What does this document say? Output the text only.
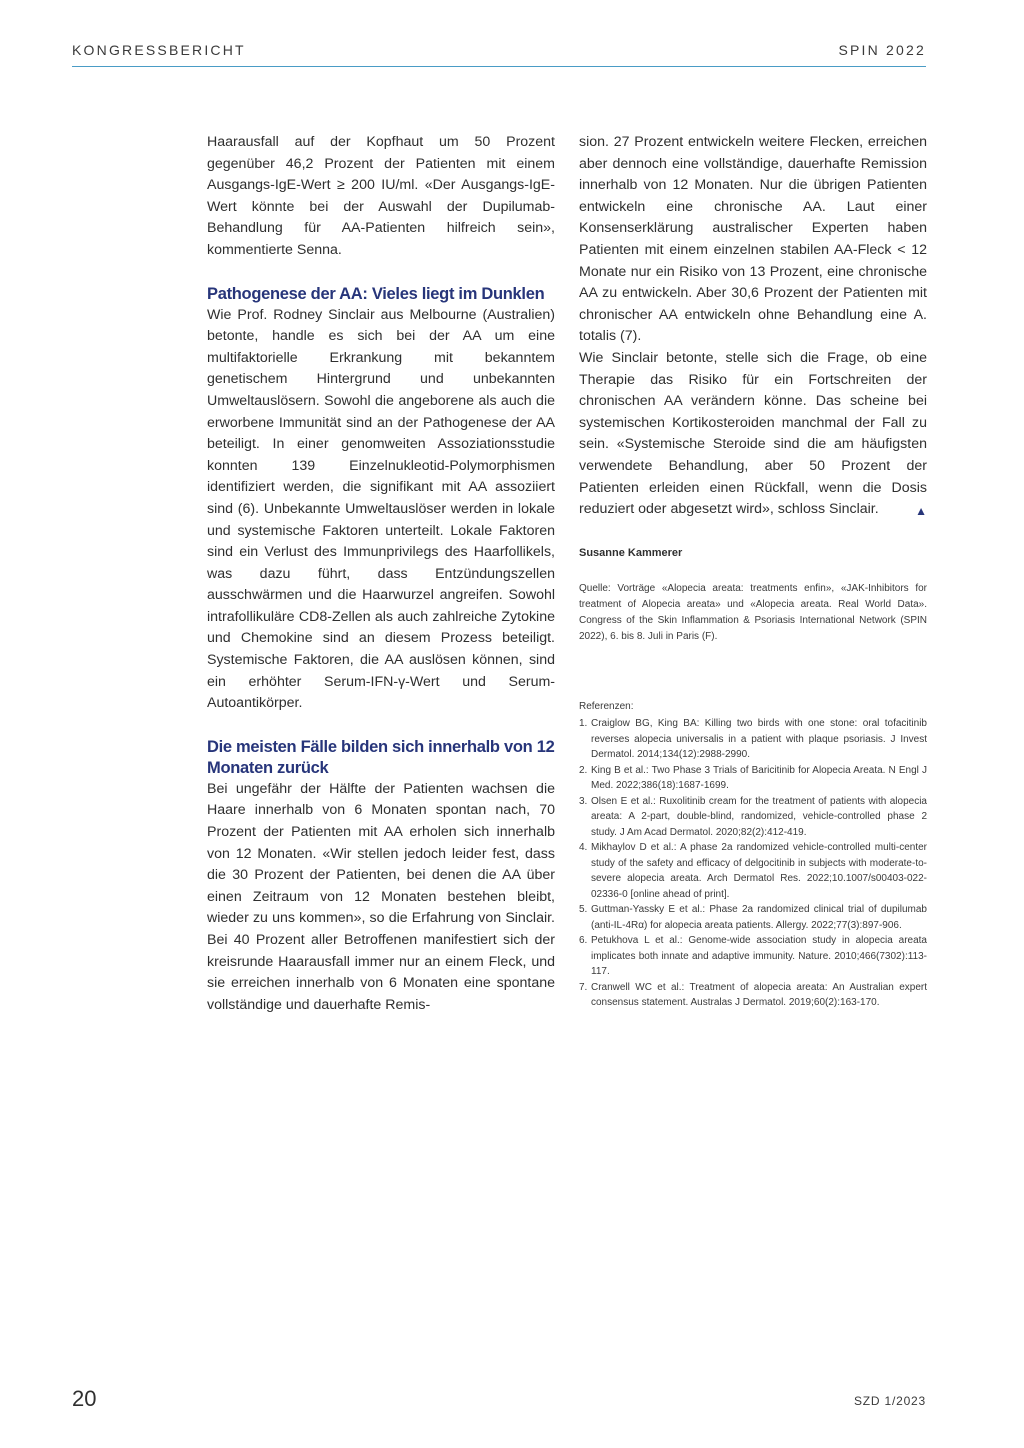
KONGRESSBERICHT	SPIN 2022

Haarausfall auf der Kopfhaut um 50 Prozent gegenüber 46,2 Prozent der Patienten mit einem Ausgangs-IgE-Wert ≥ 200 IU/ml. «Der Ausgangs-IgE-Wert könnte bei der Auswahl der Dupilumab-Behandlung für AA-Patienten hilfreich sein», kommentierte Senna.

Pathogenese der AA: Vieles liegt im Dunklen

Wie Prof. Rodney Sinclair aus Melbourne (Australien) betonte, handle es sich bei der AA um eine multifaktorielle Erkrankung mit bekanntem genetischem Hintergrund und unbekannten Umweltauslösern. Sowohl die angeborene als auch die erworbene Immunität sind an der Pathogenese der AA beteiligt. In einer genomweiten Assoziationsstudie konnten 139 Einzelnukleotid-Polymorphismen identifiziert werden, die signifikant mit AA assoziiert sind (6). Unbekannte Umweltauslöser werden in lokale und systemische Faktoren unterteilt. Lokale Faktoren sind ein Verlust des Immunprivilegs des Haarfollikels, was dazu führt, dass Entzündungszellen ausschwärmen und die Haarwurzel angreifen. Sowohl intrafollikuläre CD8-Zellen als auch zahlreiche Zytokine und Chemokine sind an diesem Prozess beteiligt. Systemische Faktoren, die AA auslösen können, sind ein erhöhter Serum-IFN-γ-Wert und Serum-Autoantikörper.

Die meisten Fälle bilden sich innerhalb von 12 Monaten zurück

Bei ungefähr der Hälfte der Patienten wachsen die Haare innerhalb von 6 Monaten spontan nach, 70 Prozent der Patienten mit AA erholen sich innerhalb von 12 Monaten. «Wir stellen jedoch leider fest, dass die 30 Prozent der Patienten, bei denen die AA über einen Zeitraum von 12 Monaten bestehen bleibt, wieder zu uns kommen», so die Erfahrung von Sinclair. Bei 40 Prozent aller Betroffenen manifestiert sich der kreisrunde Haarausfall immer nur an einem Fleck, und sie erreichen innerhalb von 6 Monaten eine spontane vollständige und dauerhafte Remis-

sion. 27 Prozent entwickeln weitere Flecken, erreichen aber dennoch eine vollständige, dauerhafte Remission innerhalb von 12 Monaten. Nur die übrigen Patienten entwickeln eine chronische AA. Laut einer Konsenserklärung australischer Experten haben Patienten mit einem einzelnen stabilen AA-Fleck < 12 Monate nur ein Risiko von 13 Prozent, eine chronische AA zu entwickeln. Aber 30,6 Prozent der Patienten mit chronischer AA entwickeln ohne Behandlung eine A. totalis (7).

Wie Sinclair betonte, stelle sich die Frage, ob eine Therapie das Risiko für ein Fortschreiten der chronischen AA verändern könne. Das scheine bei systemischen Kortikosteroiden manchmal der Fall zu sein. «Systemische Steroide sind die am häufigsten verwendete Behandlung, aber 50 Prozent der Patienten erleiden einen Rückfall, wenn die Dosis reduziert oder abgesetzt wird», schloss Sinclair.	▲

Susanne Kammerer

Quelle: Vorträge «Alopecia areata: treatments enfin», «JAK-Inhibitors for treatment of Alopecia areata» und «Alopecia areata. Real World Data». Congress of the Skin Inflammation & Psoriasis International Network (SPIN 2022), 6. bis 8. Juli in Paris (F).

Referenzen:

1. Craiglow BG, King BA: Killing two birds with one stone: oral tofacitinib reverses alopecia universalis in a patient with plaque psoriasis. J Invest Dermatol. 2014;134(12):2988-2990.
2. King B et al.: Two Phase 3 Trials of Baricitinib for Alopecia Areata. N Engl J Med. 2022;386(18):1687-1699.
3. Olsen E et al.: Ruxolitinib cream for the treatment of patients with alopecia areata: A 2-part, double-blind, randomized, vehicle-controlled phase 2 study. J Am Acad Dermatol. 2020;82(2):412-419.
4. Mikhaylov D et al.: A phase 2a randomized vehicle-controlled multi-center study of the safety and efficacy of delgocitinib in subjects with moderate-to-severe alopecia areata. Arch Dermatol Res. 2022;10.1007/s00403-022-02336-0 [online ahead of print].
5. Guttman-Yassky E et al.: Phase 2a randomized clinical trial of dupilumab (anti-IL-4Rα) for alopecia areata patients. Allergy. 2022;77(3):897-906.
6. Petukhova L et al.: Genome-wide association study in alopecia areata implicates both innate and adaptive immunity. Nature. 2010;466(7302):113-117.
7. Cranwell WC et al.: Treatment of alopecia areata: An Australian expert consensus statement. Australas J Dermatol. 2019;60(2):163-170.
20	SZD 1/2023
